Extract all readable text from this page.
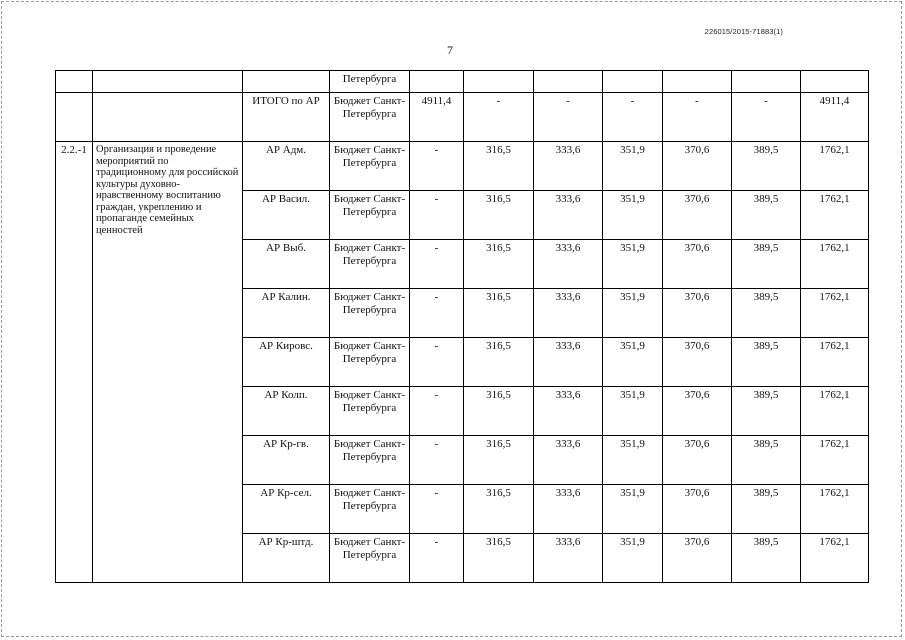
226015/2015-71883(1)
7
			Петербурга							
		ИТОГО по АР	Бюджет Санкт-Петербурга	4911,4	-	-	-	-	-	4911,4
2.2.-1	Организация и проведение мероприятий по традиционному для российской культуры духовно-нравственному воспитанию граждан, укреплению и пропаганде семейных ценностей	АР Адм.	Бюджет Санкт-Петербурга	-	316,5	333,6	351,9	370,6	389,5	1762,1
		АР Васил.	Бюджет Санкт-Петербурга	-	316,5	333,6	351,9	370,6	389,5	1762,1
		АР Выб.	Бюджет Санкт-Петербурга	-	316,5	333,6	351,9	370,6	389,5	1762,1
		АР Калин.	Бюджет Санкт-Петербурга	-	316,5	333,6	351,9	370,6	389,5	1762,1
		АР Кировс.	Бюджет Санкт-Петербурга	-	316,5	333,6	351,9	370,6	389,5	1762,1
		АР Колп.	Бюджет Санкт-Петербурга	-	316,5	333,6	351,9	370,6	389,5	1762,1
		АР Кр-гв.	Бюджет Санкт-Петербурга	-	316,5	333,6	351,9	370,6	389,5	1762,1
		АР Кр-сел.	Бюджет Санкт-Петербурга	-	316,5	333,6	351,9	370,6	389,5	1762,1
		АР Кр-штд.	Бюджет Санкт-Петербурга	-	316,5	333,6	351,9	370,6	389,5	1762,1
